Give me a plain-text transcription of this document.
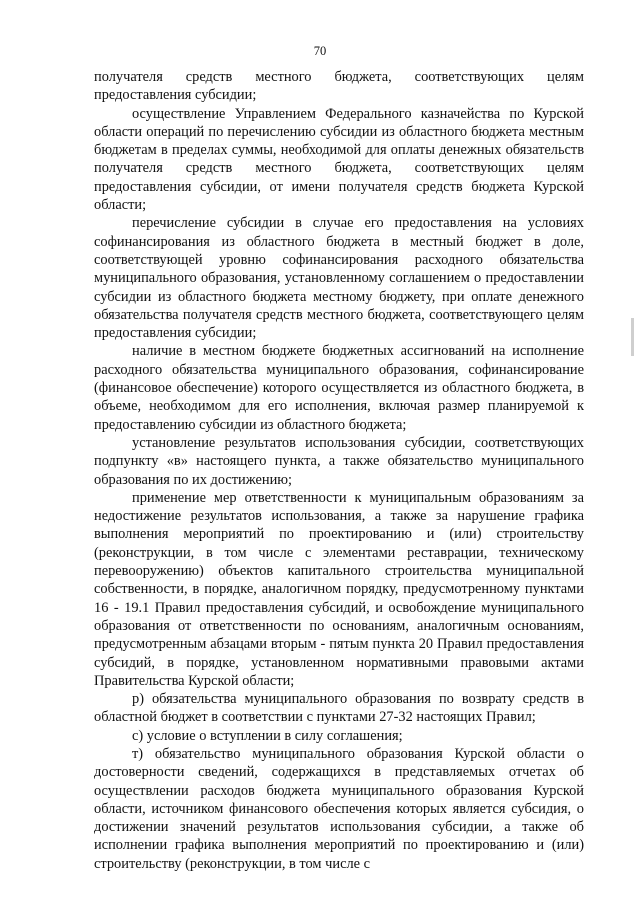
70

получателя средств местного бюджета, соответствующих целям предоставления субсидии;

осуществление Управлением Федерального казначейства по Курской области операций по перечислению субсидии из областного бюджета местным бюджетам в пределах суммы, необходимой для оплаты денежных обязательств получателя средств местного бюджета, соответствующих целям предоставления субсидии, от имени получателя средств бюджета Курской области;

перечисление субсидии в случае его предоставления на условиях софинансирования из областного бюджета в местный бюджет в доле, соответствующей уровню софинансирования расходного обязательства муниципального образования, установленному соглашением о предоставлении субсидии из областного бюджета местному бюджету, при оплате денежного обязательства получателя средств местного бюджета, соответствующего целям предоставления субсидии;

наличие в местном бюджете бюджетных ассигнований на исполнение расходного обязательства муниципального образования, софинансирование (финансовое обеспечение) которого осуществляется из областного бюджета, в объеме, необходимом для его исполнения, включая размер планируемой к предоставлению субсидии из областного бюджета;

установление результатов использования субсидии, соответствующих подпункту «в» настоящего пункта, а также обязательство муниципального образования по их достижению;

применение мер ответственности к муниципальным образованиям за недостижение результатов использования, а также за нарушение графика выполнения мероприятий по проектированию и (или) строительству (реконструкции, в том числе с элементами реставрации, техническому перевооружению) объектов капитального строительства муниципальной собственности, в порядке, аналогичном порядку, предусмотренному пунктами 16 - 19.1 Правил предоставления субсидий, и освобождение муниципального образования от ответственности по основаниям, аналогичным основаниям, предусмотренным абзацами вторым - пятым пункта 20 Правил предоставления субсидий, в порядке, установленном нормативными правовыми актами Правительства Курской области;

р) обязательства муниципального образования по возврату средств в областной бюджет в соответствии с пунктами 27-32 настоящих Правил;

с) условие о вступлении в силу соглашения;

т) обязательство муниципального образования Курской области о достоверности сведений, содержащихся в представляемых отчетах об осуществлении расходов бюджета муниципального образования Курской области, источником финансового обеспечения которых является субсидия, о достижении значений результатов использования субсидии, а также об исполнении графика выполнения мероприятий по проектированию и (или) строительству (реконструкции, в том числе с
